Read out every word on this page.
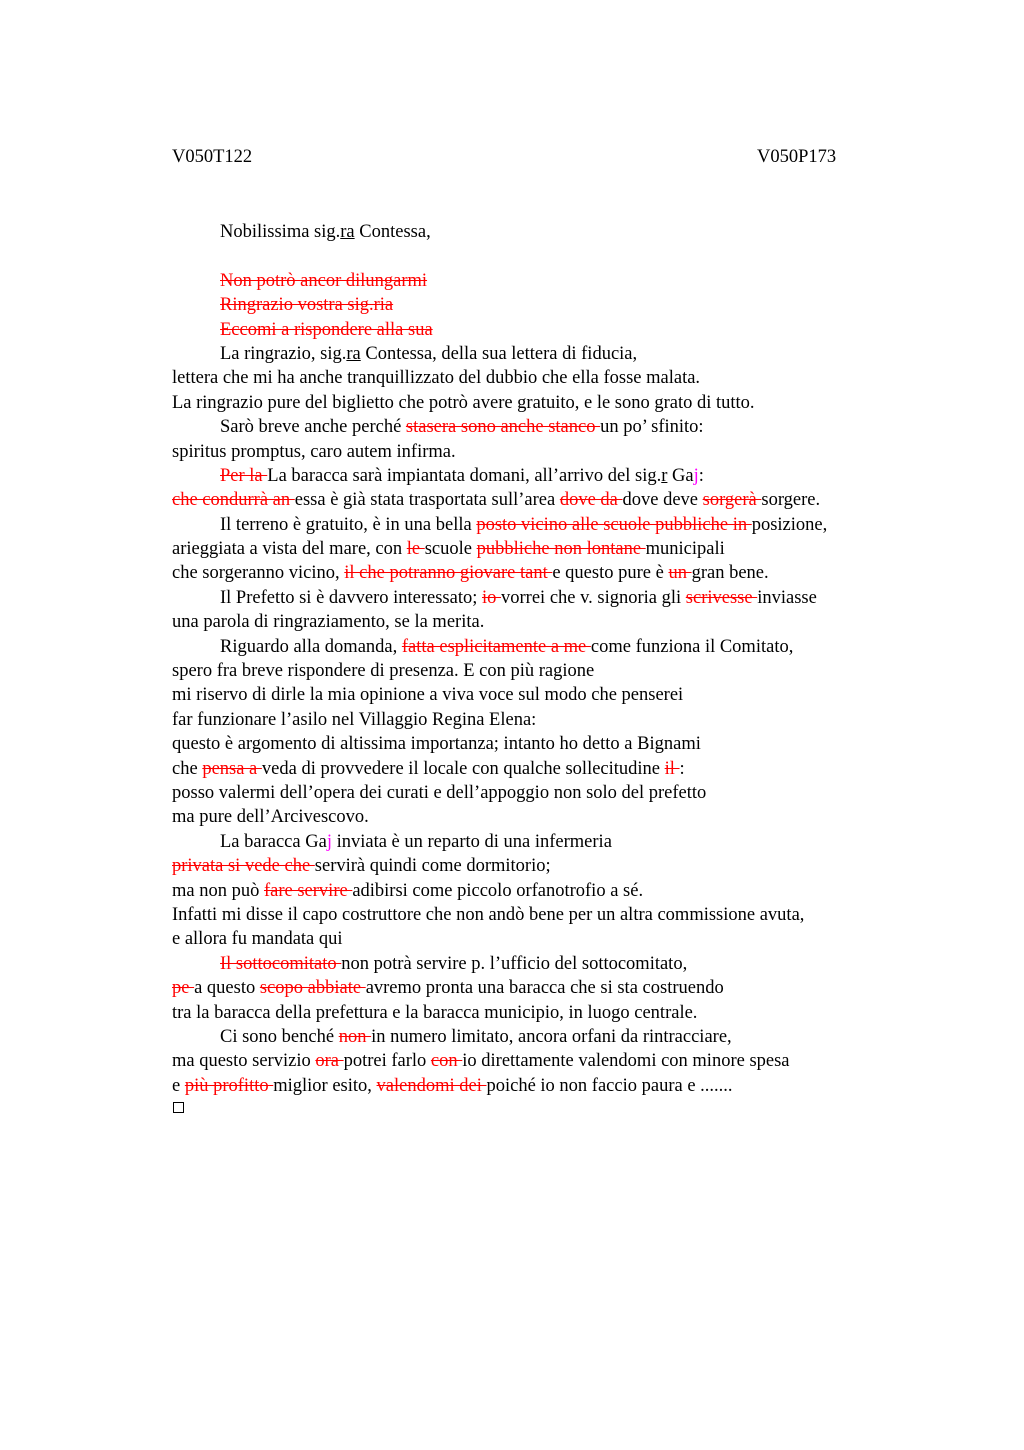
V050T122	V050P173
Nobilissima sig.ra Contessa,
Non potrò ancor dilungarmi
Ringrazio vostra sig.ria
Eccomi a rispondere alla sua
La ringrazio, sig.ra Contessa, della sua lettera di fiducia,
lettera che mi ha anche tranquillizzato del dubbio che ella fosse malata.
La ringrazio pure del biglietto che potrò avere gratuito, e le sono grato di tutto.
Sarò breve anche perché stasera sono anche stanco un po’ sfinito:
spiritus promptus, caro autem infirma.
Per la La baracca sarà impiantata domani, all’arrivo del sig.r Gaj:
che condurrà an essa è già stata trasportata sull’area dove da dove deve sorgerà sorgere.
Il terreno è gratuito, è in una bella posto vicino alle scuole pubbliche in posizione,
arieggiata a vista del mare, con le scuole pubbliche non lontane municipali
che sorgeranno vicino, il che potranno giovare tant e questo pure è un gran bene.
Il Prefetto si è davvero interessato; io vorrei che v. signoria gli scrivesse inviasse
una parola di ringraziamento, se la merita.
Riguardo alla domanda, fatta esplicitamente a me come funziona il Comitato,
spero fra breve rispondere di presenza. E con più ragione
mi riservo di dirle la mia opinione a viva voce sul modo che penserei
far funzionare l’asilo nel Villaggio Regina Elena:
questo è argomento di altissima importanza; intanto ho detto a Bignami
che pensa a veda di provvedere il locale con qualche sollecitudine il :
posso valermi dell’opera dei curati e dell’appoggio non solo del prefetto
ma pure dell’Arcivescovo.
La baracca Gaj inviata è un reparto di una infermeria
privata si vede che servirà quindi come dormitorio;
ma non può fare servire adibirsi come piccolo orfanotrofio a sé.
Infatti mi disse il capo costruttore che non andò bene per un altra commissione avuta,
e allora fu mandata qui
Il sottocomitato non potrà servire p. l’ufficio del sottocomitato,
pe a questo scopo abbiate avremo pronta una baracca che si sta costruendo
tra la baracca della prefettura e la baracca municipio, in luogo centrale.
Ci sono benché non in numero limitato, ancora orfani da rintracciare,
ma questo servizio ora potrei farlo con io direttamente valendomi con minore spesa
e più profitto miglior esito, valendomi dei poiché io non faccio paura e .......
